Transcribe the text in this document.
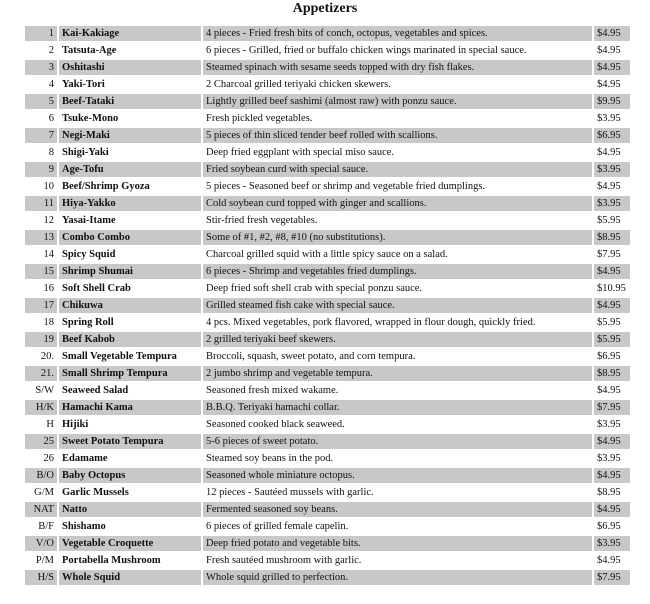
Appetizers
1	Kai-Kakiage	4 pieces - Fried fresh bits of conch, octopus, vegetables and spices.	$4.95
2	Tatsuta-Age	6 pieces - Grilled, fried or buffalo chicken wings marinated in special sauce.	$4.95
3	Oshitashi	Steamed spinach with sesame seeds topped with dry fish flakes.	$4.95
4	Yaki-Tori	2 Charcoal grilled teriyaki chicken skewers.	$4.95
5	Beef-Tataki	Lightly grilled beef sashimi (almost raw) with ponzu sauce.	$9.95
6	Tsuke-Mono	Fresh pickled vegetables.	$3.95
7	Negi-Maki	5 pieces of thin sliced tender beef rolled with scallions.	$6.95
8	Shigi-Yaki	Deep fried eggplant with special miso sauce.	$4.95
9	Age-Tofu	Fried soybean curd with special sauce.	$3.95
10	Beef/Shrimp Gyoza	5 pieces - Seasoned beef or shrimp and vegetable fried dumplings.	$4.95
11	Hiya-Yakko	Cold soybean curd topped with ginger and scallions.	$3.95
12	Yasai-Itame	Stir-fried fresh vegetables.	$5.95
13	Combo Combo	Some of #1, #2, #8, #10 (no substitutions).	$8.95
14	Spicy Squid	Charcoal grilled squid with a little spicy sauce on a salad.	$7.95
15	Shrimp Shumai	6 pieces - Shrimp and vegetables fried dumplings.	$4.95
16	Soft Shell Crab	Deep fried soft shell crab with special ponzu sauce.	$10.95
17	Chikuwa	Grilled steamed fish cake with special sauce.	$4.95
18	Spring Roll	4 pcs. Mixed vegetables, pork flavored, wrapped in flour dough, quickly fried.	$5.95
19	Beef Kabob	2 grilled teriyaki beef skewers.	$5.95
20.	Small Vegetable Tempura	Broccoli, squash, sweet potato, and corn tempura.	$6.95
21.	Small Shrimp Tempura	2 jumbo shrimp and vegetable tempura.	$8.95
S/W	Seaweed Salad	Seasoned fresh mixed wakame.	$4.95
H/K	Hamachi Kama	B.B.Q. Teriyaki hamachi collar.	$7.95
H	Hijiki	Seasoned cooked black seaweed.	$3.95
25	Sweet Potato Tempura	5-6 pieces of sweet potato.	$4.95
26	Edamame	Steamed soy beans in the pod.	$3.95
B/O	Baby Octopus	Seasoned whole miniature octopus.	$4.95
G/M	Garlic Mussels	12 pieces - Sautéed mussels with garlic.	$8.95
NAT	Natto	Fermented seasoned soy beans.	$4.95
B/F	Shishamo	6 pieces of grilled female capelin.	$6.95
V/O	Vegetable Croquette	Deep fried potato and vegetable bits.	$3.95
P/M	Portabella Mushroom	Fresh sautéed mushroom with garlic.	$4.95
H/S	Whole Squid	Whole squid grilled to perfection.	$7.95
